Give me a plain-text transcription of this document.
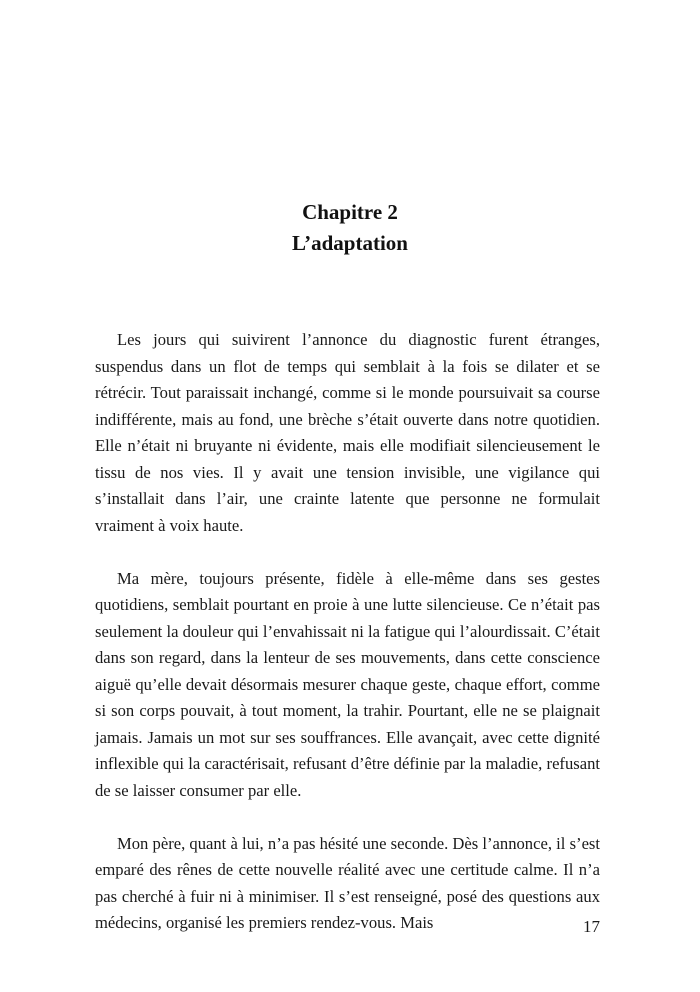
Chapitre 2
L’adaptation

Les jours qui suivirent l’annonce du diagnostic furent étranges, suspendus dans un flot de temps qui semblait à la fois se dilater et se rétrécir. Tout paraissait inchangé, comme si le monde poursuivait sa course indifférente, mais au fond, une brèche s’était ouverte dans notre quotidien. Elle n’était ni bruyante ni évidente, mais elle modifiait silencieusement le tissu de nos vies. Il y avait une tension invisible, une vigilance qui s’installait dans l’air, une crainte latente que personne ne formulait vraiment à voix haute.

Ma mère, toujours présente, fidèle à elle-même dans ses gestes quotidiens, semblait pourtant en proie à une lutte silencieuse. Ce n’était pas seulement la douleur qui l’envahissait ni la fatigue qui l’alourdissait. C’était dans son regard, dans la lenteur de ses mouvements, dans cette conscience aiguë qu’elle devait désormais mesurer chaque geste, chaque effort, comme si son corps pouvait, à tout moment, la trahir. Pourtant, elle ne se plaignait jamais. Jamais un mot sur ses souffrances. Elle avançait, avec cette dignité inflexible qui la caractérisait, refusant d’être définie par la maladie, refusant de se laisser consumer par elle.

Mon père, quant à lui, n’a pas hésité une seconde. Dès l’annonce, il s’est emparé des rênes de cette nouvelle réalité avec une certitude calme. Il n’a pas cherché à fuir ni à minimiser. Il s’est renseigné, posé des questions aux médecins, organisé les premiers rendez-vous. Mais	17
